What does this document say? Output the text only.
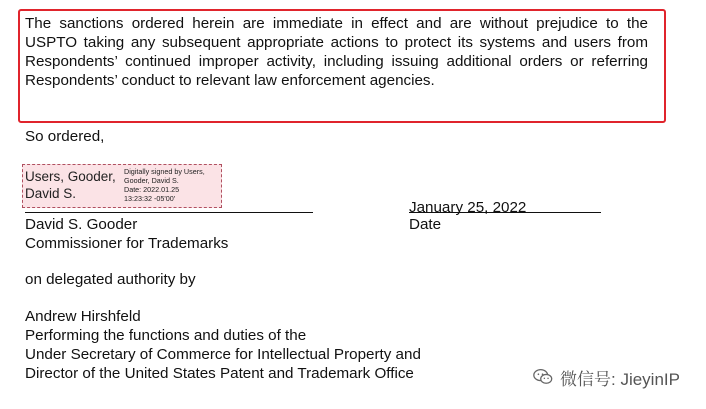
The sanctions ordered herein are immediate in effect and are without prejudice to the
USPTO taking any subsequent appropriate actions to protect its systems and users from
Respondents’ continued improper activity, including issuing additional orders or referring
Respondents’ conduct to relevant law enforcement agencies.

So ordered,
Users, Gooder,
David S.
Digitally signed by Users,
Gooder, David S.
Date: 2022.01.25
13:23:32 -05'00'
January 25, 2022
David S. Gooder	Date
Commissioner for Trademarks
on delegated authority by
Andrew Hirshfeld
Performing the functions and duties of the
Under Secretary of Commerce for Intellectual Property and
Director of the United States Patent and Trademark Office	微信号: JieyinIP
